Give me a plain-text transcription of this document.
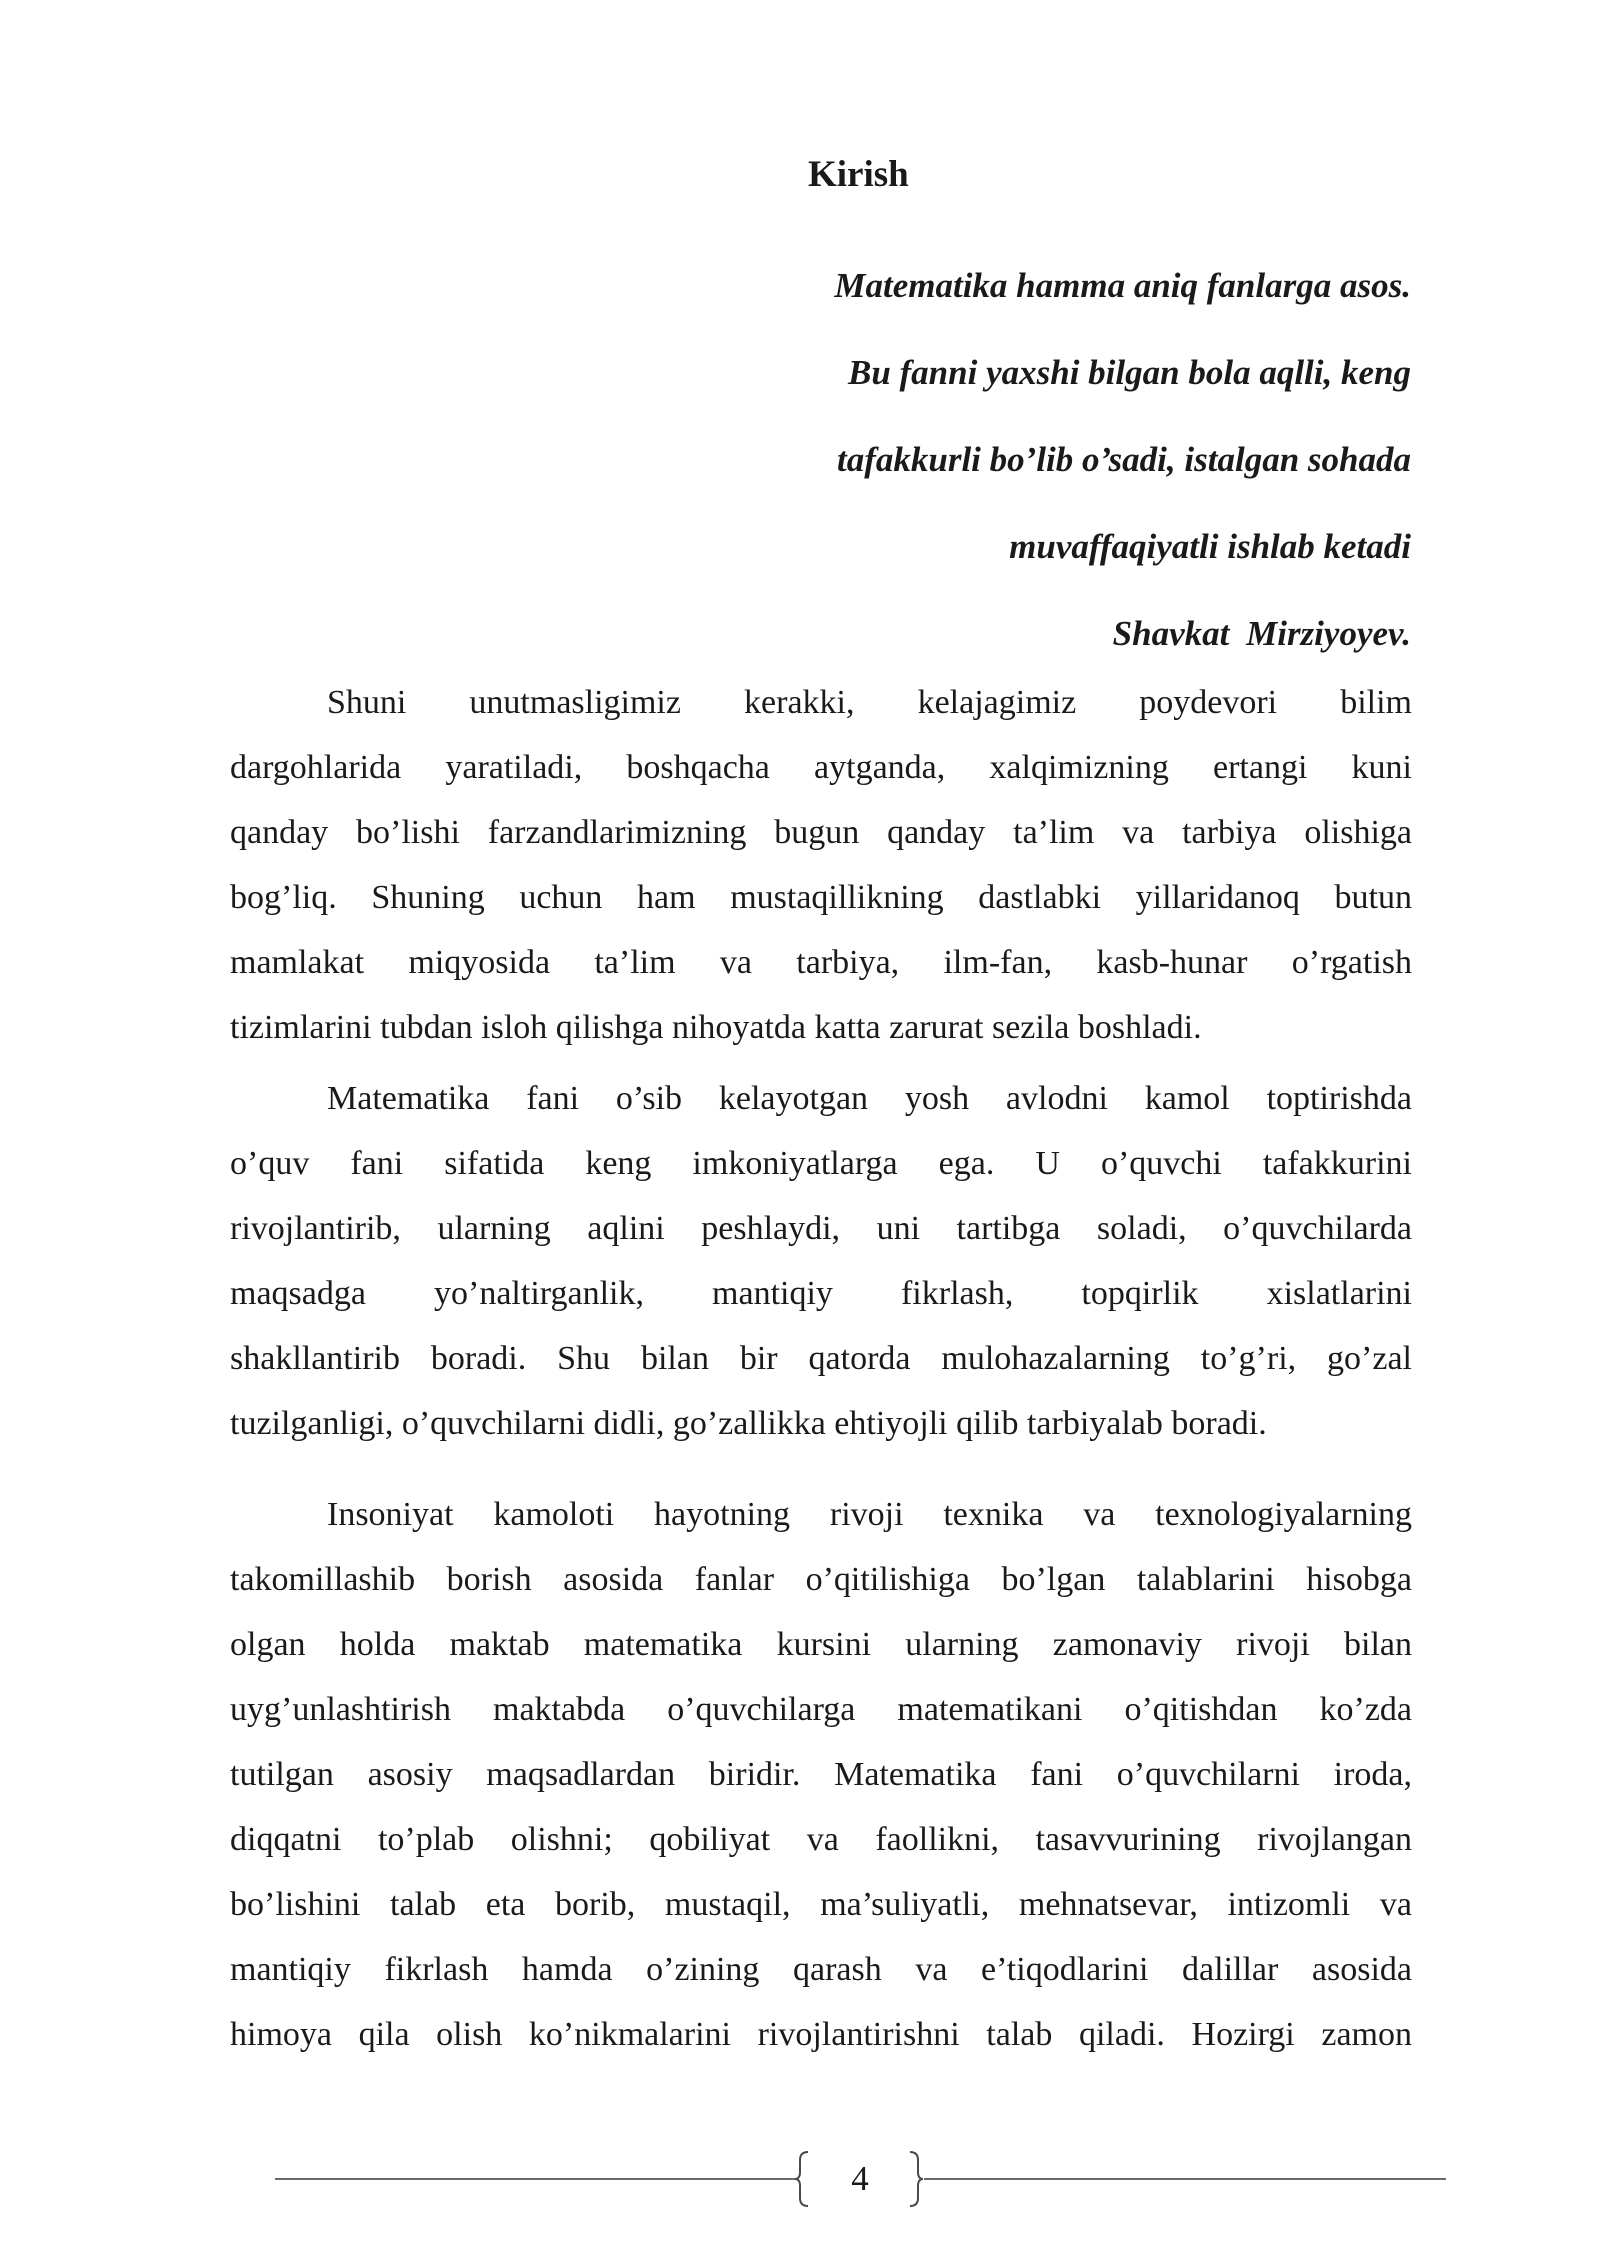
Kirish
Matematika hamma aniq fanlarga asos.
Bu fanni yaxshi bilgan bola aqlli, keng
tafakkurli bo’lib o’sadi, istalgan sohada
muvaffaqiyatli ishlab ketadi
Shavkat Mirziyoyev.

Shuni unutmasligimiz kerakki, kelajagimiz poydevori bilim
dargohlarida yaratiladi, boshqacha aytganda, xalqimizning ertangi kuni
qanday bo’lishi farzandlarimizning bugun qanday ta’lim va tarbiya olishiga
bog’liq. Shuning uchun ham mustaqillikning dastlabki yillaridanoq butun
mamlakat miqyosida ta’lim va tarbiya, ilm-fan, kasb-hunar o’rgatish
tizimlarini tubdan isloh qilishga nihoyatda katta zarurat sezila boshladi.

Matematika fani o’sib kelayotgan yosh avlodni kamol toptirishda
o’quv fani sifatida keng imkoniyatlarga ega. U o’quvchi tafakkurini
rivojlantirib, ularning aqlini peshlaydi, uni tartibga soladi, o’quvchilarda
maqsadga yo’naltirganlik, mantiqiy fikrlash, topqirlik xislatlarini
shakllantirib boradi. Shu bilan bir qatorda mulohazalarning to’g’ri, go’zal
tuzilganligi, o’quvchilarni didli, go’zallikka ehtiyojli qilib tarbiyalab boradi.

Insoniyat kamoloti hayotning rivoji texnika va texnologiyalarning
takomillashib borish asosida fanlar o’qitilishiga bo’lgan talablarini hisobga
olgan holda maktab matematika kursini ularning zamonaviy rivoji bilan
uyg’unlashtirish maktabda o’quvchilarga matematikani o’qitishdan ko’zda
tutilgan asosiy maqsadlardan biridir. Matematika fani o’quvchilarni iroda,
diqqatni to’plab olishni; qobiliyat va faollikni, tasavvurining rivojlangan
bo’lishini talab eta borib, mustaqil, ma’suliyatli, mehnatsevar, intizomli va
mantiqiy fikrlash hamda o’zining qarash va e’tiqodlarini dalillar asosida
himoya qila olish ko’nikmalarini rivojlantirishni talab qiladi. Hozirgi zamon

4
